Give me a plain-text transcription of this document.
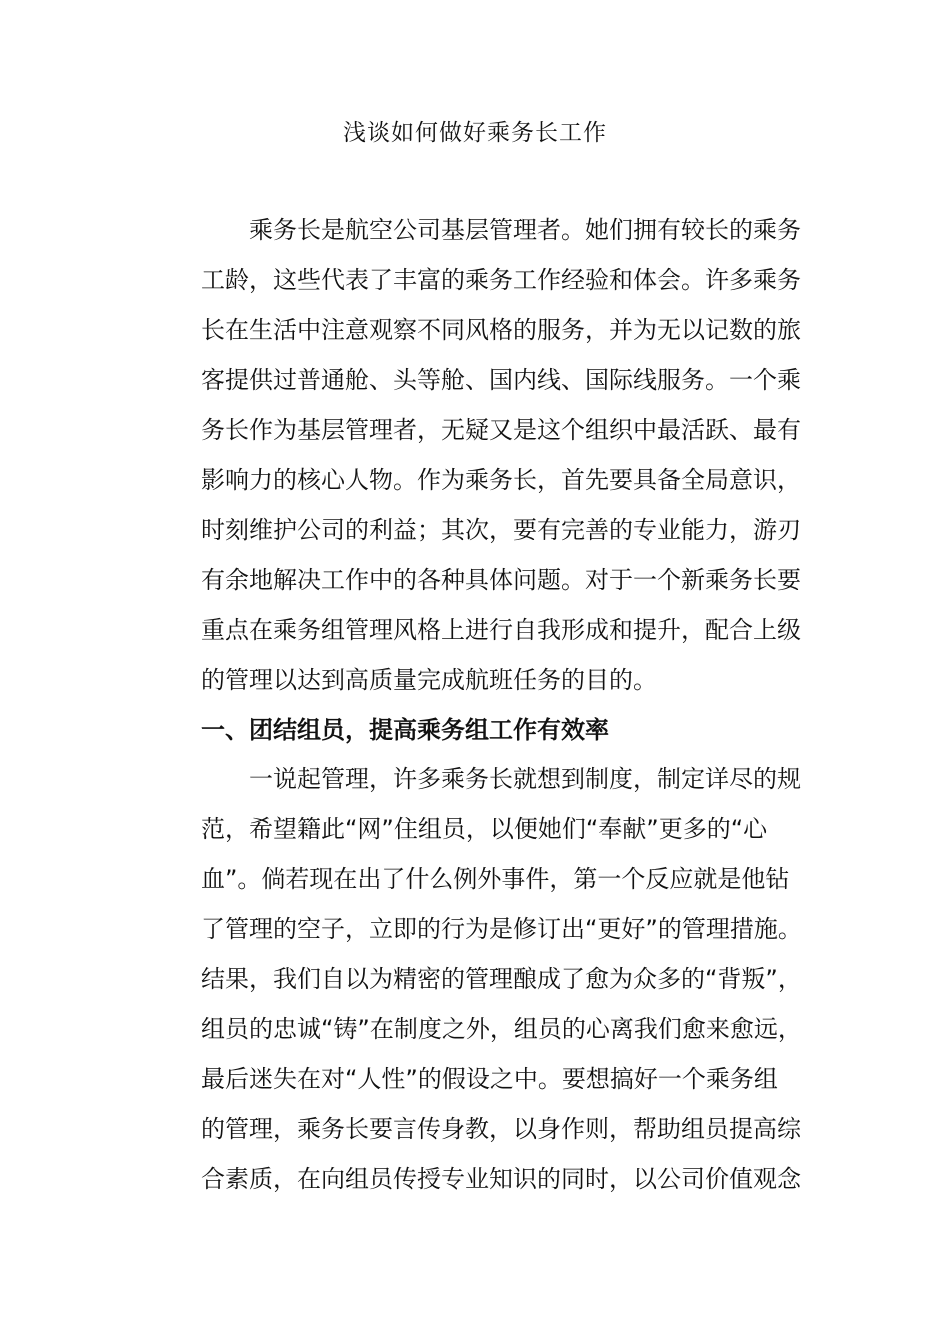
浅谈如何做好乘务长工作

乘务长是航空公司基层管理者。她们拥有较长的乘务

工龄，这些代表了丰富的乘务工作经验和体会。许多乘务

长在生活中注意观察不同风格的服务，并为无以记数的旅

客提供过普通舱、头等舱、国内线、国际线服务。一个乘

务长作为基层管理者，无疑又是这个组织中最活跃、最有

影响力的核心人物。作为乘务长，首先要具备全局意识，

时刻维护公司的利益；其次，要有完善的专业能力，游刃

有余地解决工作中的各种具体问题。对于一个新乘务长要

重点在乘务组管理风格上进行自我形成和提升，配合上级

的管理以达到高质量完成航班任务的目的。

一、团结组员，提高乘务组工作有效率

一说起管理，许多乘务长就想到制度，制定详尽的规

范，希望籍此“网”住组员，以便她们“奉献”更多的“心

血”。倘若现在出了什么例外事件，第一个反应就是他钻

了管理的空子，立即的行为是修订出“更好”的管理措施。

结果，我们自以为精密的管理酿成了愈为众多的“背叛”，

组员的忠诚“铸”在制度之外，组员的心离我们愈来愈远，

最后迷失在对“人性”的假设之中。要想搞好一个乘务组

的管理，乘务长要言传身教，以身作则，帮助组员提高综

合素质，在向组员传授专业知识的同时，以公司价值观念
